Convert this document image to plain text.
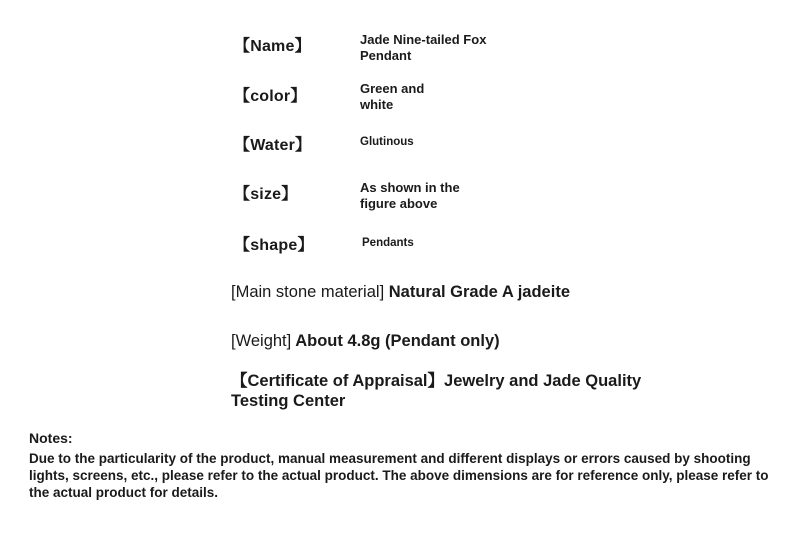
【Name】	Jade Nine-tailed Fox
Pendant
【color】	Green and
white
【Water】	Glutinous
【size】	As shown in the
figure above
【shape】	Pendants
[Main stone material] Natural Grade A jadeite
[Weight] About 4.8g (Pendant only)
【Certificate of Appraisal】Jewelry and Jade Quality Testing Center
Notes:
Due to the particularity of the product, manual measurement and different displays or errors caused by shooting lights, screens, etc., please refer to the actual product. The above dimensions are for reference only, please refer to the actual product for details.
